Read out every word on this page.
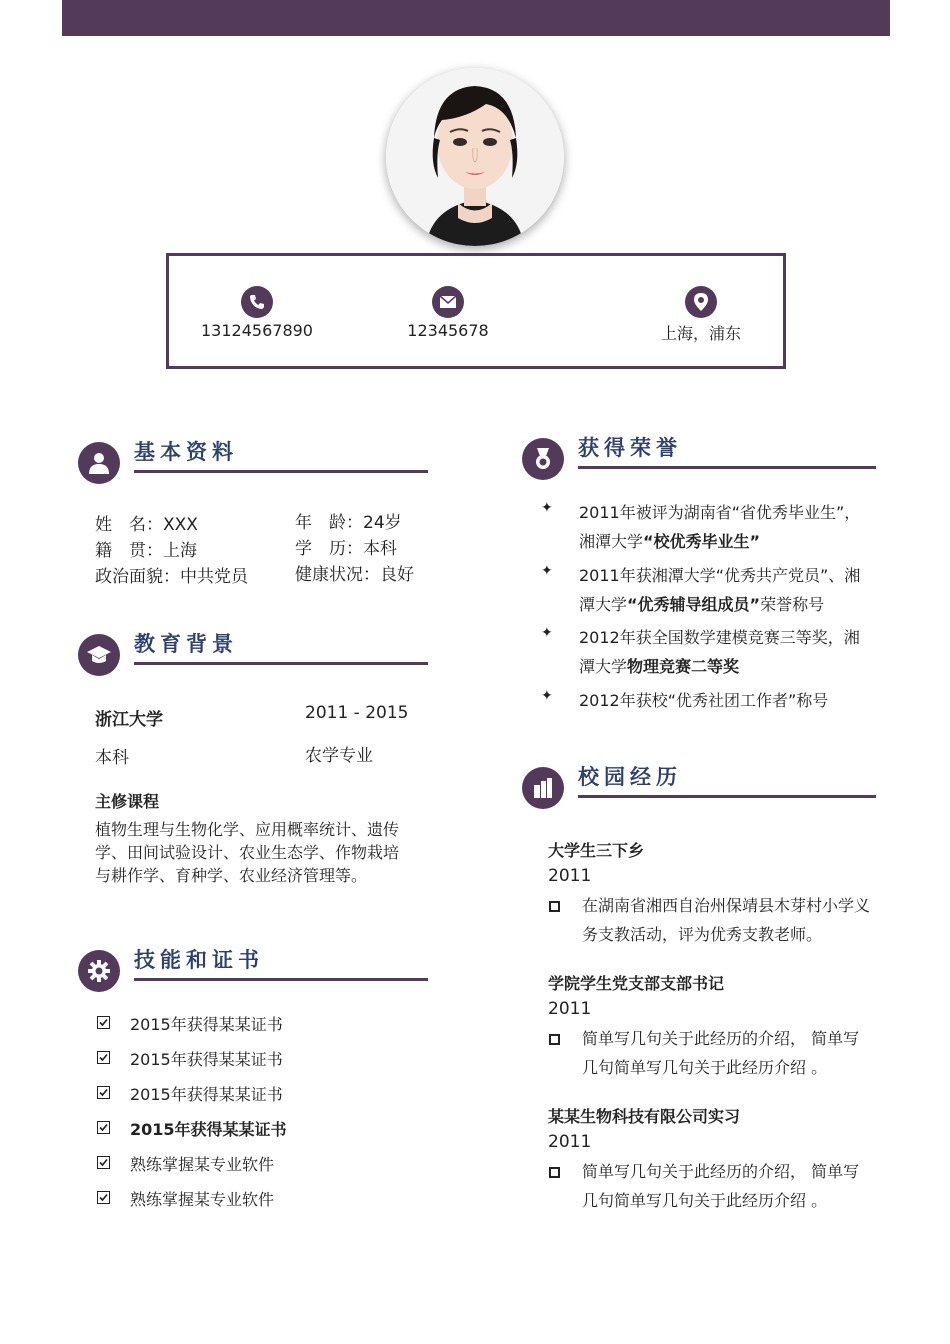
13124567890	12345678	上海，浦东
基本资料
姓　名：XXX	年　龄：24岁
籍　贯：上海	学　历：本科
政治面貌：中共党员	健康状况：良好
教育背景
浙江大学	2011 - 2015
本科	农学专业
主修课程
植物生理与生物化学、应用概率统计、遗传学、田间试验设计、农业生态学、作物栽培与耕作学、育种学、农业经济管理等。
技能和证书
2015年获得某某证书
2015年获得某某证书
2015年获得某某证书
2015年获得某某证书
熟练掌握某专业软件
熟练掌握某专业软件
获得荣誉
✦ 2011年被评为湖南省“省优秀毕业生”，湘潭大学“校优秀毕业生”
✦ 2011年获湘潭大学“优秀共产党员”、湘潭大学“优秀辅导组成员”荣誉称号
✦ 2012年获全国数学建模竞赛三等奖，湘潭大学物理竞赛二等奖
✦ 2012年获校“优秀社团工作者”称号
校园经历
大学生三下乡
2011
在湖南省湘西自治州保靖县木芽村小学义 务支教活动，评为优秀支教老师。
学院学生党支部支部书记
2011
简单写几句关于此经历的介绍， 简单写几句简单写几句关于此经历介绍 。
某某生物科技有限公司实习
2011
简单写几句关于此经历的介绍， 简单写几句简单写几句关于此经历介绍 。
